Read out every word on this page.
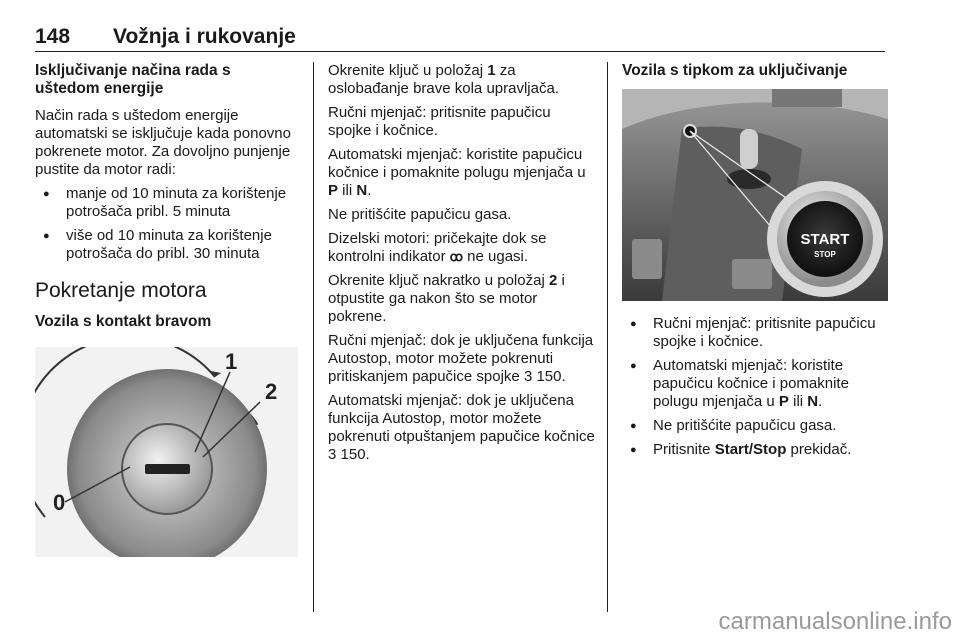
148 Vožnja i rukovanje
Isključivanje načina rada s
uštedom energije

Način rada s uštedom energije automatski se isključuje kada ponovno pokrenete motor. Za dovoljno punjenje pustite da motor radi:

● manje od 10 minuta za korištenje potrošača pribl. 5 minuta
● više od 10 minuta za korištenje potrošača do pribl. 30 minuta
Pokretanje motora
Vozila s kontakt bravom
1
2
0

Okrenite ključ u položaj 1 za oslobađanje brave kola upravljača.

Ručni mjenjač: pritisnite papučicu spojke i kočnice.

Automatski mjenjač: koristite papučicu kočnice i pomaknite polugu mjenjača u P ili N.

Ne pritišćite papučicu gasa.

Dizelski motori: pričekajte dok se kontrolni indikator ꝏ ne ugasi.

Okrenite ključ nakratko u položaj 2 i otpustite ga nakon što se motor pokrene.

Ručni mjenjač: dok je uključena funkcija Autostop, motor možete pokrenuti pritiskanjem papučice spojke 3 150.

Automatski mjenjač: dok je uključena funkcija Autostop, motor možete pokrenuti otpuštanjem papučice kočnice 3 150.

Vozila s tipkom za uključivanje
START
STOP
● Ručni mjenjač: pritisnite papučicu spojke i kočnice.
● Automatski mjenjač: koristite papučicu kočnice i pomaknite polugu mjenjača u P ili N.
● Ne pritišćite papučicu gasa.
● Pritisnite Start/Stop prekidač.
carmanualsonline.info
